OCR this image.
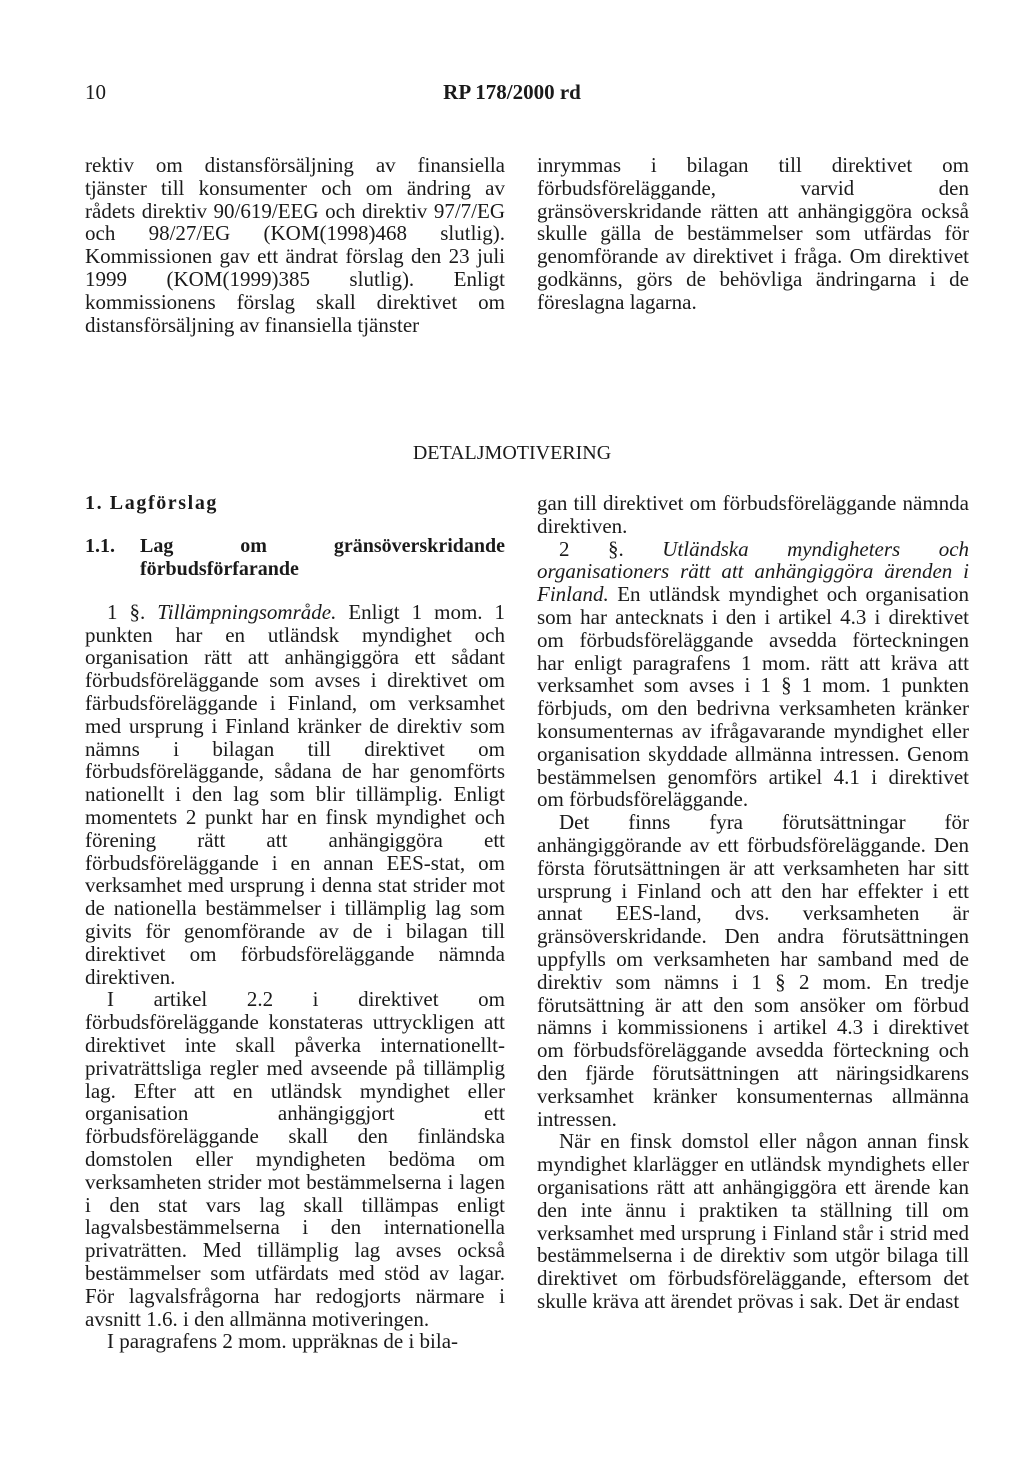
10	RP 178/2000 rd

rektiv om distansförsäljning av finansiella tjänster till konsumenter och om ändring av rådets direktiv 90/619/EEG och direktiv 97/7/EG och 98/27/EG (KOM(1998)468 slutlig). Kommissionen gav ett ändrat förslag den 23 juli 1999 (KOM(1999)385 slutlig). Enligt kommissionens förslag skall direktivet om distansförsäljning av finansiella tjänster

inrymmas i bilagan till direktivet om förbudsföreläggande, varvid den gränsöverskridande rätten att anhängiggöra också skulle gälla de bestämmelser som utfärdas för genomförande av direktivet i fråga. Om direktivet godkänns, görs de behövliga ändringarna i de föreslagna lagarna.

DETALJMOTIVERING
1. Lagförslag
1.1.	Lag om gränsöverskridande förbudsförfarande

1 §. Tillämpningsområde. Enligt 1 mom. 1 punkten har en utländsk myndighet och organisation rätt att anhängiggöra ett sådant förbudsföreläggande som avses i direktivet om färbudsföreläggande i Finland, om verksamhet med ursprung i Finland kränker de direktiv som nämns i bilagan till direktivet om förbudsföreläggande, sådana de har genomförts nationellt i den lag som blir tillämplig. Enligt momentets 2 punkt har en finsk myndighet och förening rätt att anhängiggöra ett förbudsföreläggande i en annan EES-stat, om verksamhet med ursprung i denna stat strider mot de nationella bestämmelser i tillämplig lag som givits för genomförande av de i bilagan till direktivet om förbudsföreläggande nämnda direktiven.

I artikel 2.2 i direktivet om förbudsföreläggande konstateras uttryckligen att direktivet inte skall påverka internationellt-privaträttsliga regler med avseende på tillämplig lag. Efter att en utländsk myndighet eller organisation anhängiggjort ett förbudsföreläggande skall den finländska domstolen eller myndigheten bedöma om verksamheten strider mot bestämmelserna i lagen i den stat vars lag skall tillämpas enligt lagvalsbestämmelserna i den internationella privaträtten. Med tillämplig lag avses också bestämmelser som utfärdats med stöd av lagar. För lagvalsfrågorna har redogjorts närmare i avsnitt 1.6. i den allmänna motiveringen.

I paragrafens 2 mom. uppräknas de i bila-

gan till direktivet om förbudsföreläggande nämnda direktiven.

2 §. Utländska myndigheters och organisationers rätt att anhängiggöra ärenden i Finland. En utländsk myndighet och organisation som har antecknats i den i artikel 4.3 i direktivet om förbudsföreläggande avsedda förteckningen har enligt paragrafens 1 mom. rätt att kräva att verksamhet som avses i 1 § 1 mom. 1 punkten förbjuds, om den bedrivna verksamheten kränker konsumenternas av ifrågavarande myndighet eller organisation skyddade allmänna intressen. Genom bestämmelsen genomförs artikel 4.1 i direktivet om förbudsföreläggande.

Det finns fyra förutsättningar för anhängiggörande av ett förbudsföreläggande. Den första förutsättningen är att verksamheten har sitt ursprung i Finland och att den har effekter i ett annat EES-land, dvs. verksamheten är gränsöverskridande. Den andra förutsättningen uppfylls om verksamheten har samband med de direktiv som nämns i 1 § 2 mom. En tredje förutsättning är att den som ansöker om förbud nämns i kommissionens i artikel 4.3 i direktivet om förbudsföreläggande avsedda förteckning och den fjärde förutsättningen att näringsidkarens verksamhet kränker konsumenternas allmänna intressen.

När en finsk domstol eller någon annan finsk myndighet klarlägger en utländsk myndighets eller organisations rätt att anhängiggöra ett ärende kan den inte ännu i praktiken ta ställning till om verksamhet med ursprung i Finland står i strid med bestämmelserna i de direktiv som utgör bilaga till direktivet om förbudsföreläggande, eftersom det skulle kräva att ärendet prövas i sak. Det är endast
